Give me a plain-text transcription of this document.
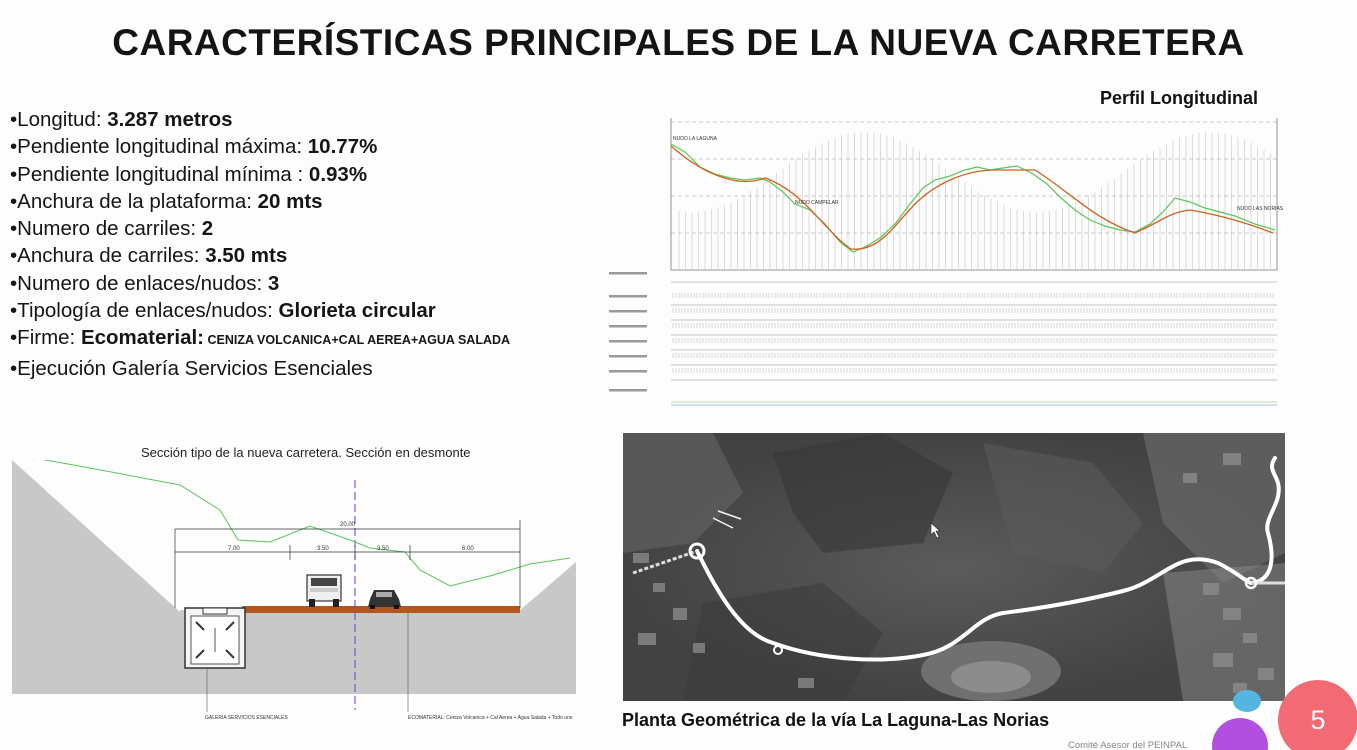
CARACTERÍSTICAS PRINCIPALES DE LA NUEVA CARRETERA
•Longitud: 3.287 metros
•Pendiente longitudinal máxima: 10.77%
•Pendiente longitudinal mínima : 0.93%
•Anchura de la plataforma: 20 mts
•Numero de carriles: 2
•Anchura de carriles: 3.50 mts
•Numero de enlaces/nudos: 3
•Tipología de enlaces/nudos: Glorieta circular
•Firme: Ecomaterial: CENIZA VOLCANICA+CAL AEREA+AGUA SALADA
•Ejecución Galería Servicios Esenciales
Perfil Longitudinal
NUDO LA LAGUNA
NUDO CAMPELAR
NUDO LAS NORIAS
Sección tipo de la nueva carretera. Sección en desmonte
20.00
7.00	3.50	3.50	6.00
GALERIA SERVICIOS ESENCIALES	ECOMATERIAL: Ceniza Volcanica + Cal Aerea + Agua Salada + Todo uno	Planta Geométrica de la vía La Laguna-Las Norias	5
Comité Asesor del PEINPAL
